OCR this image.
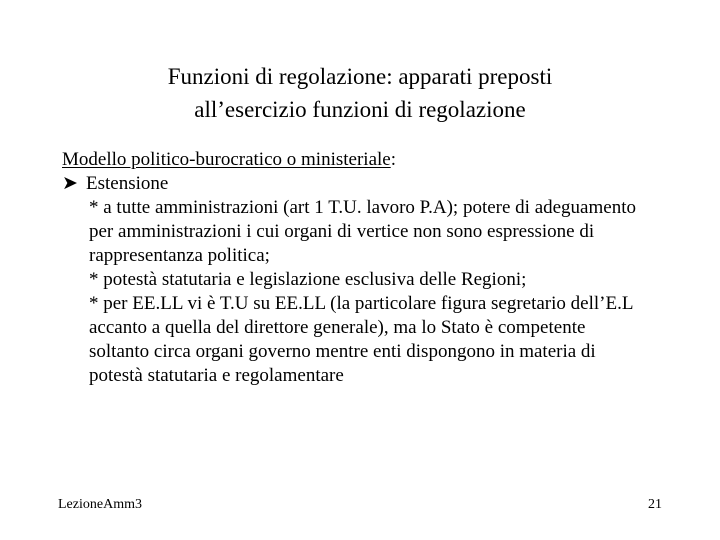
Funzioni di regolazione: apparati preposti
all’esercizio funzioni di regolazione
Modello politico-burocratico o ministeriale:
➤ Estensione
* a tutte amministrazioni (art 1 T.U. lavoro P.A); potere di adeguamento per amministrazioni i cui organi di vertice non sono espressione di rappresentanza politica;
* potestà statutaria e legislazione esclusiva delle Regioni;
* per EE.LL vi è T.U su EE.LL (la particolare figura segretario dell’E.L accanto a quella del direttore generale), ma lo Stato è competente soltanto circa organi governo mentre enti dispongono in materia di potestà statutaria e regolamentare
LezioneAmm3	21
